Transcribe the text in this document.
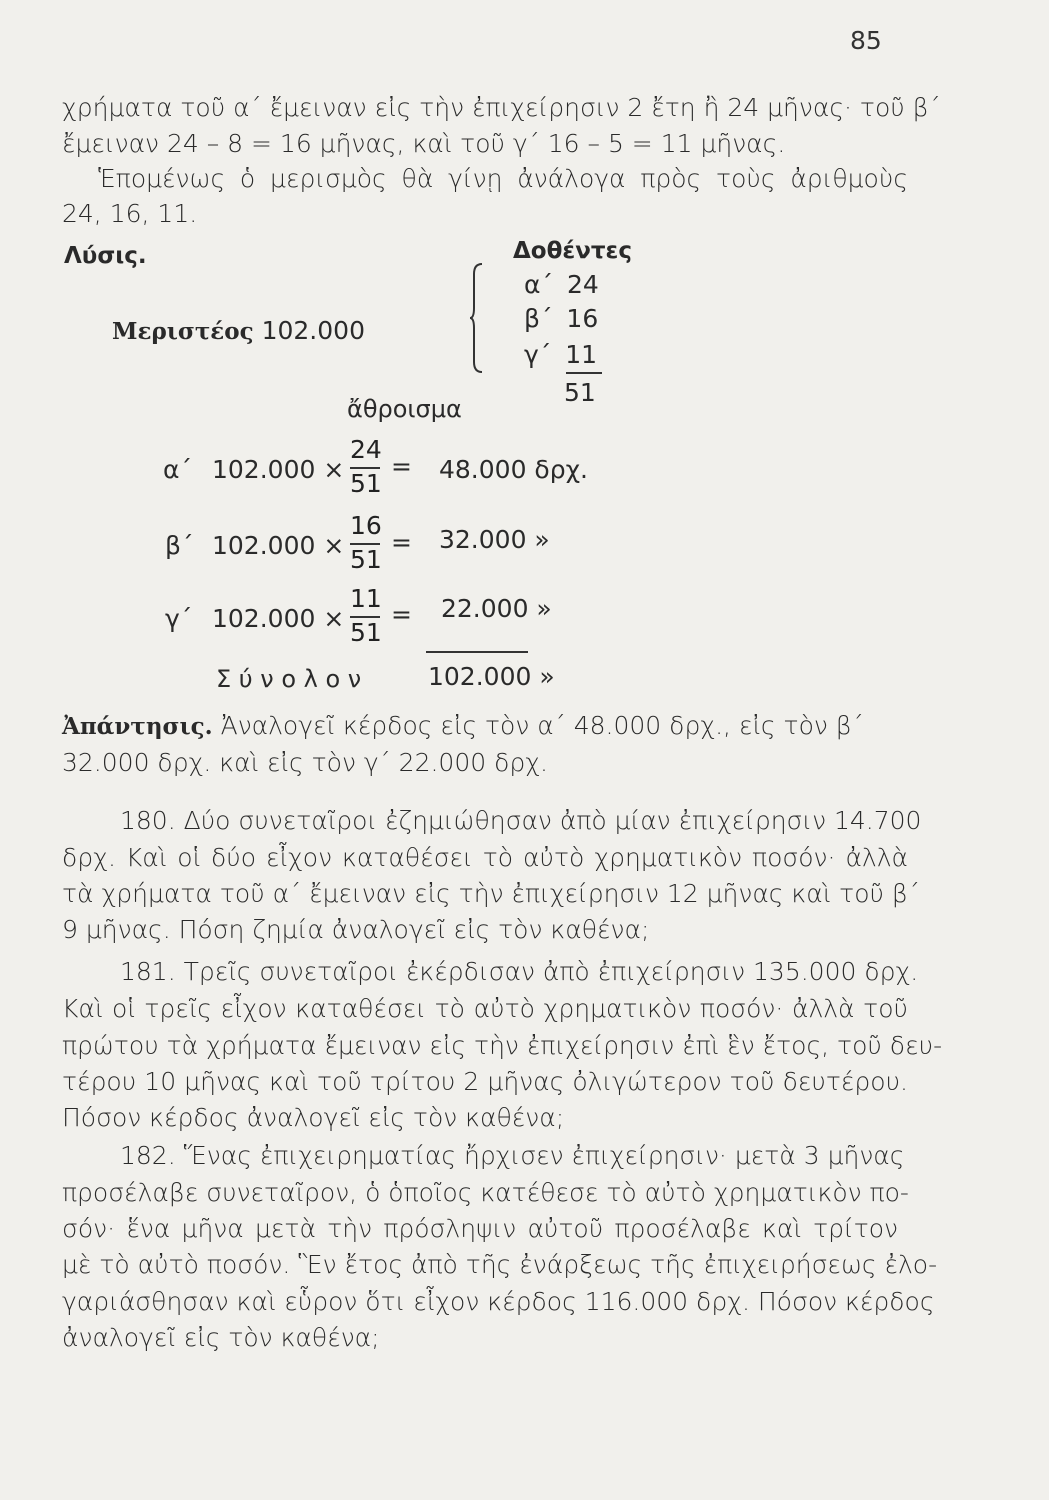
85
χρήματα τοῦ α΄ ἔμειναν εἰς τὴν ἐπιχείρησιν 2 ἔτη ἢ 24 μῆνας· τοῦ β΄
ἔμειναν 24 – 8 = 16 μῆνας, καὶ τοῦ γ΄ 16 – 5 = 11 μῆνας.
Ἑπομένως ὁ μερισμὸς θὰ γίνῃ ἀνάλογα πρὸς τοὺς ἀριθμοὺς
24, 16, 11.
Λύσις.	Δοθέντες
Μεριστέος 102.000
α΄ 24
β΄ 16
γ΄ 11
51
ἄθροισμα
α΄ 102.000 ×
24
51
= 48.000 δρχ.
β΄ 102.000 ×
16
51
= 32.000 »
γ΄ 102.000 ×
11
51
= 22.000 »
Σ ύ ν ο λ ο ν	102.000 »
Ἀπάντησις. Ἀναλογεῖ κέρδος εἰς τὸν α΄ 48.000 δρχ., εἰς τὸν β΄
32.000 δρχ. καὶ εἰς τὸν γ΄ 22.000 δρχ.
180. Δύο συνεταῖροι ἐζημιώθησαν ἀπὸ μίαν ἐπιχείρησιν 14.700
δρχ. Καὶ οἱ δύο εἶχον καταθέσει τὸ αὐτὸ χρηματικὸν ποσόν· ἀλλὰ
τὰ χρήματα τοῦ α΄ ἔμειναν εἰς τὴν ἐπιχείρησιν 12 μῆνας καὶ τοῦ β΄
9 μῆνας. Πόση ζημία ἀναλογεῖ εἰς τὸν καθένα;
181. Τρεῖς συνεταῖροι ἐκέρδισαν ἀπὸ ἐπιχείρησιν 135.000 δρχ.
Καὶ οἱ τρεῖς εἶχον καταθέσει τὸ αὐτὸ χρηματικὸν ποσόν· ἀλλὰ τοῦ
πρώτου τὰ χρήματα ἔμειναν εἰς τὴν ἐπιχείρησιν ἐπὶ ἓν ἔτος, τοῦ δευ-
τέρου 10 μῆνας καὶ τοῦ τρίτου 2 μῆνας ὀλιγώτερον τοῦ δευτέρου.
Πόσον κέρδος ἀναλογεῖ εἰς τὸν καθένα;
182. Ἕνας ἐπιχειρηματίας ἤρχισεν ἐπιχείρησιν· μετὰ 3 μῆνας
προσέλαβε συνεταῖρον, ὁ ὁποῖος κατέθεσε τὸ αὐτὸ χρηματικὸν πο-
σόν· ἕνα μῆνα μετὰ τὴν πρόσληψιν αὐτοῦ προσέλαβε καὶ τρίτον
μὲ τὸ αὐτὸ ποσόν. Ἓν ἔτος ἀπὸ τῆς ἐνάρξεως τῆς ἐπιχειρήσεως ἐλο-
γαριάσθησαν καὶ εὗρον ὅτι εἶχον κέρδος 116.000 δρχ. Πόσον κέρδος
ἀναλογεῖ εἰς τὸν καθένα;
